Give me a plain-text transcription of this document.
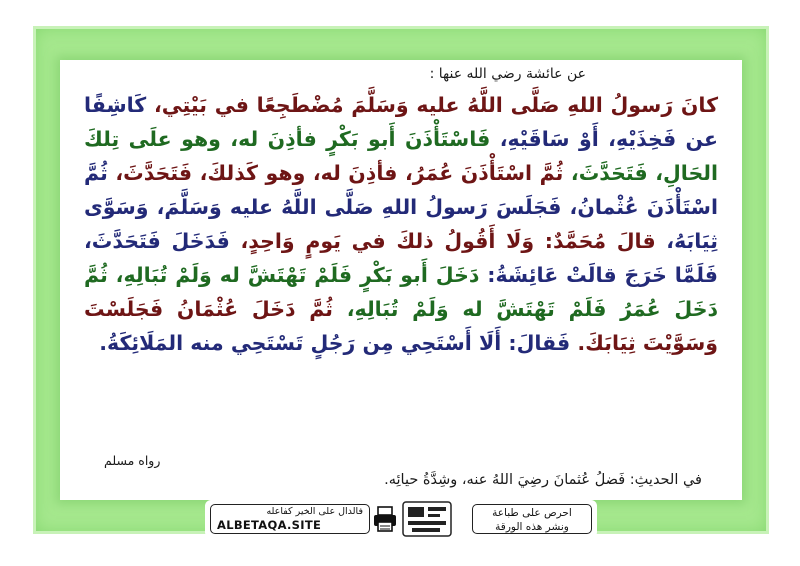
عن عائشة رضي الله عنها :

كانَ رَسولُ اللهِ صَلَّى اللَّهُ عليه وَسَلَّمَ مُضْطَجِعًا في بَيْتِي، كَاشِفًا عن فَخِذَيْهِ، أَوْ سَاقَيْهِ، فَاسْتَأْذَنَ أَبو بَكْرٍ فأذِنَ له، وهو علَى تِلكَ الحَالِ، فَتَحَدَّثَ، ثُمَّ اسْتَأْذَنَ عُمَرُ، فأذِنَ له، وهو كَذلكَ، فَتَحَدَّثَ، ثُمَّ اسْتَأْذَنَ عُثْمانُ، فَجَلَسَ رَسولُ اللهِ صَلَّى اللَّهُ عليه وَسَلَّمَ، وَسَوَّى ثِيَابَهُ، قالَ مُحَمَّدٌ: وَلَا أَقُولُ ذلكَ في يَومٍ وَاحِدٍ، فَدَخَلَ فَتَحَدَّثَ، فَلَمَّا خَرَجَ قالَتْ عَائِشَةُ: دَخَلَ أَبو بَكْرٍ فَلَمْ تَهْتَشَّ له وَلَمْ تُبَالِهِ، ثُمَّ دَخَلَ عُمَرُ فَلَمْ تَهْتَشَّ له وَلَمْ تُبَالِهِ، ثُمَّ دَخَلَ عُثْمَانُ فَجَلَسْتَ وَسَوَّيْتَ ثِيَابَكَ. فَقالَ: أَلَا أَسْتَحِي مِن رَجُلٍ تَسْتَحِي منه المَلَائِكَةُ.

رواه مسلم

في الحديثِ: فَضلُ عُثمانَ رضِيَ اللهُ عنه، وشِدَّةُ حيائِه.

احرص على طباعة
ونشر هذه الورقة
فالدال على الخير كفاعله
ALBETAQA.SITE
